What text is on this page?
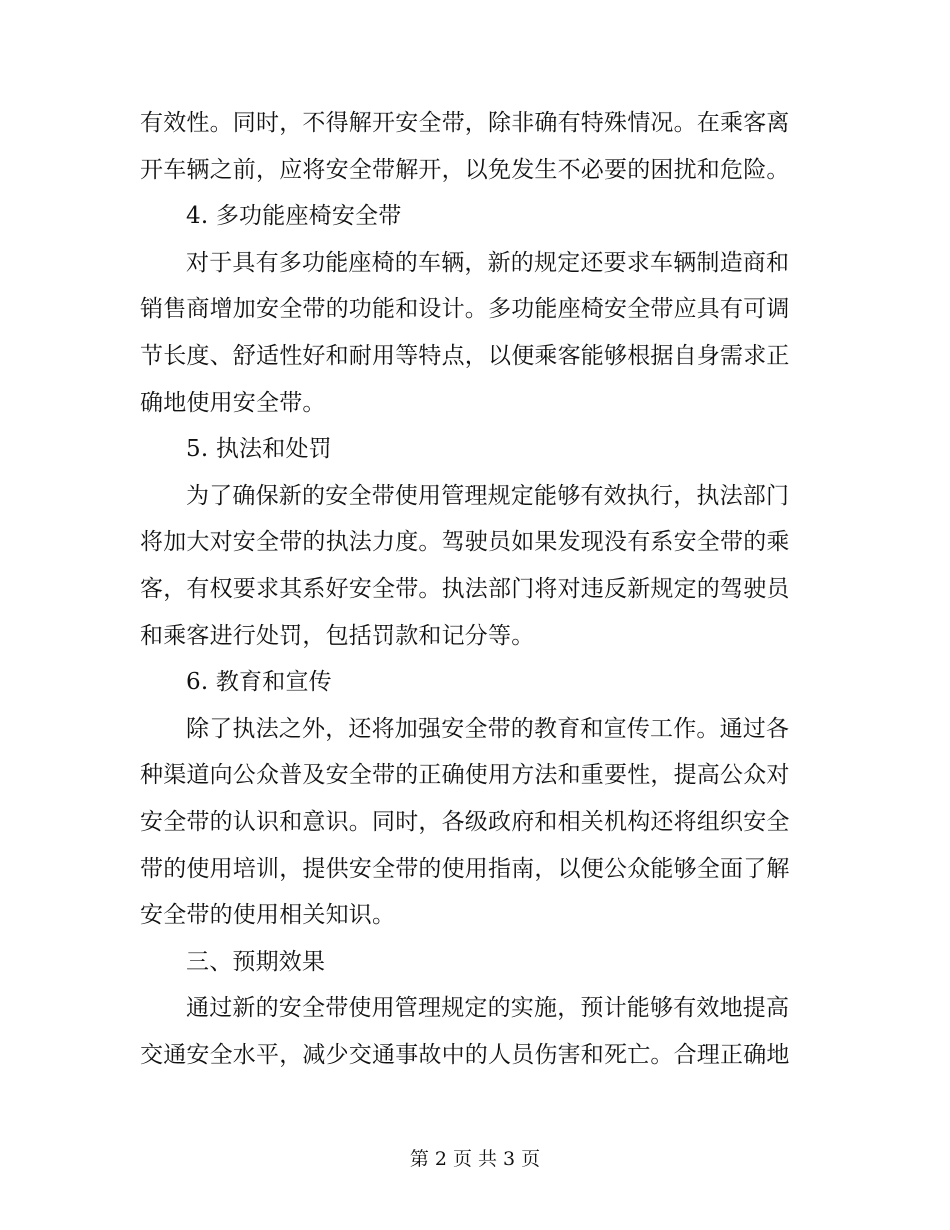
有效性。同时，不得解开安全带，除非确有特殊情况。在乘客离
开车辆之前，应将安全带解开，以免发生不必要的困扰和危险。
4. 多功能座椅安全带
对于具有多功能座椅的车辆，新的规定还要求车辆制造商和
销售商增加安全带的功能和设计。多功能座椅安全带应具有可调
节长度、舒适性好和耐用等特点，以便乘客能够根据自身需求正
确地使用安全带。
5. 执法和处罚
为了确保新的安全带使用管理规定能够有效执行，执法部门
将加大对安全带的执法力度。驾驶员如果发现没有系安全带的乘
客，有权要求其系好安全带。执法部门将对违反新规定的驾驶员
和乘客进行处罚，包括罚款和记分等。
6. 教育和宣传
除了执法之外，还将加强安全带的教育和宣传工作。通过各
种渠道向公众普及安全带的正确使用方法和重要性，提高公众对
安全带的认识和意识。同时，各级政府和相关机构还将组织安全
带的使用培训，提供安全带的使用指南，以便公众能够全面了解
安全带的使用相关知识。
三、预期效果
通过新的安全带使用管理规定的实施，预计能够有效地提高
交通安全水平，减少交通事故中的人员伤害和死亡。合理正确地
第 2 页 共 3 页
